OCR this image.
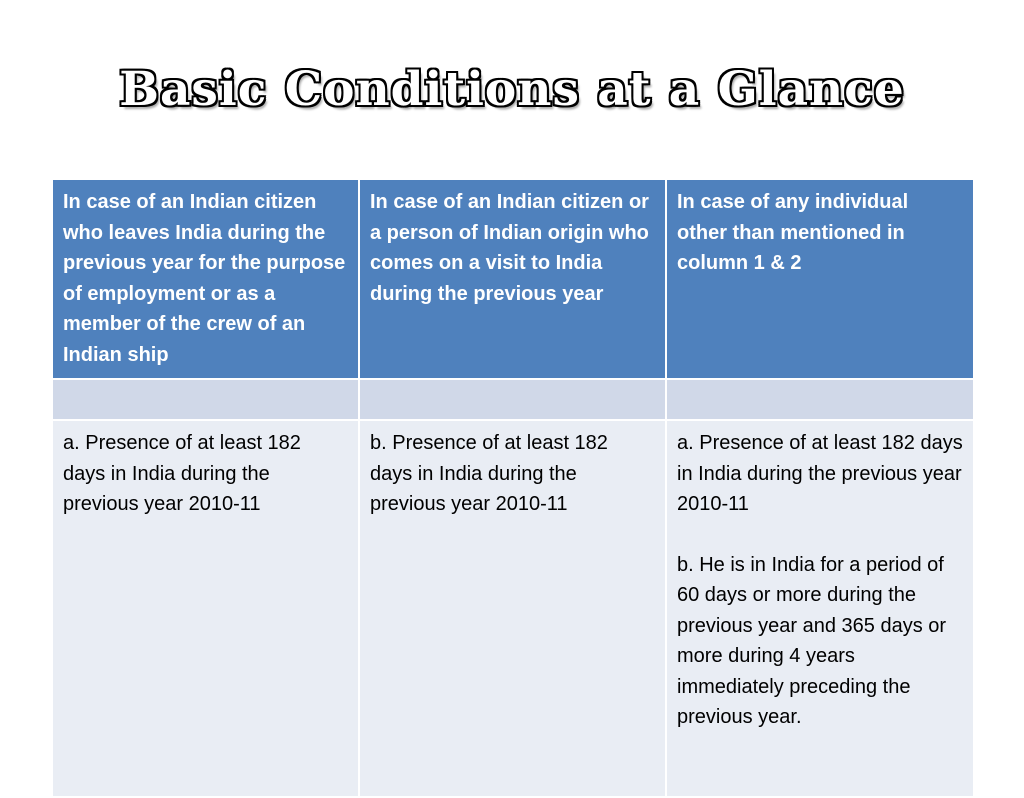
Basic Conditions at a Glance
In case of an Indian citizen who leaves India during the previous year for the purpose of employment or as a member of the crew of an Indian ship	In case of an Indian citizen or a person of Indian origin who comes on a visit to India during the previous year	In case of any individual other than mentioned in column 1 & 2

a. Presence of at least 182 days in India during the previous year 2010-11	b. Presence of at least 182 days in India during the previous year 2010-11	a. Presence of at least 182 days in India during the previous year 2010-11
b. He is in India for a period of 60 days or more during the previous year and 365 days or more during 4 years immediately preceding the previous year.
